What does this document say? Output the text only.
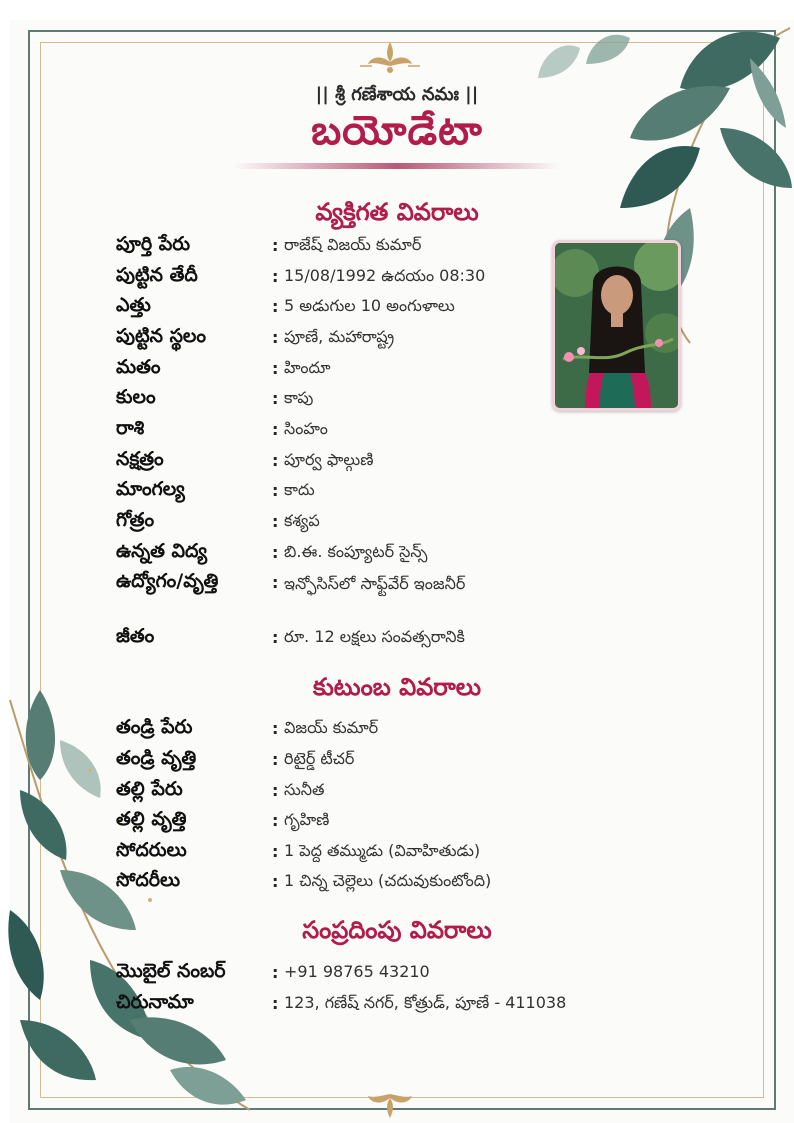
|| శ్రీ గణేశాయ నమః ||
బయోడేటా
వ్యక్తిగత వివరాలు
పూర్తి పేరు	: రాజేష్ విజయ్ కుమార్
పుట్టిన తేదీ	: 15/08/1992 ఉదయం 08:30
ఎత్తు	: 5 అడుగుల 10 అంగుళాలు
పుట్టిన స్థలం	: పూణే, మహారాష్ట్ర
మతం	: హిందూ
కులం	: కాపు
రాశి	: సింహం
నక్షత్రం	: పూర్వ ఫాల్గుణి
మాంగల్య	: కాదు
గోత్రం	: కశ్యప
ఉన్నత విద్య	: బి.ఈ. కంప్యూటర్ సైన్స్
ఉద్యోగం/వృత్తి	: ఇన్ఫోసిస్‌లో సాఫ్ట్‌వేర్ ఇంజనీర్
జీతం	: రూ. 12 లక్షలు సంవత్సరానికి
కుటుంబ వివరాలు
తండ్రి పేరు	: విజయ్ కుమార్
తండ్రి వృత్తి	: రిటైర్డ్ టీచర్
తల్లి పేరు	: సునీత
తల్లి వృత్తి	: గృహిణి
సోదరులు	: 1 పెద్ద తమ్ముడు (వివాహితుడు)
సోదరీలు	: 1 చిన్న చెల్లెలు (చదువుకుంటోంది)
సంప్రదింపు వివరాలు
మొబైల్ నంబర్	: +91 98765 43210
చిరునామా	: 123, గణేష్ నగర్, కోత్రుడ్, పూణే - 411038
